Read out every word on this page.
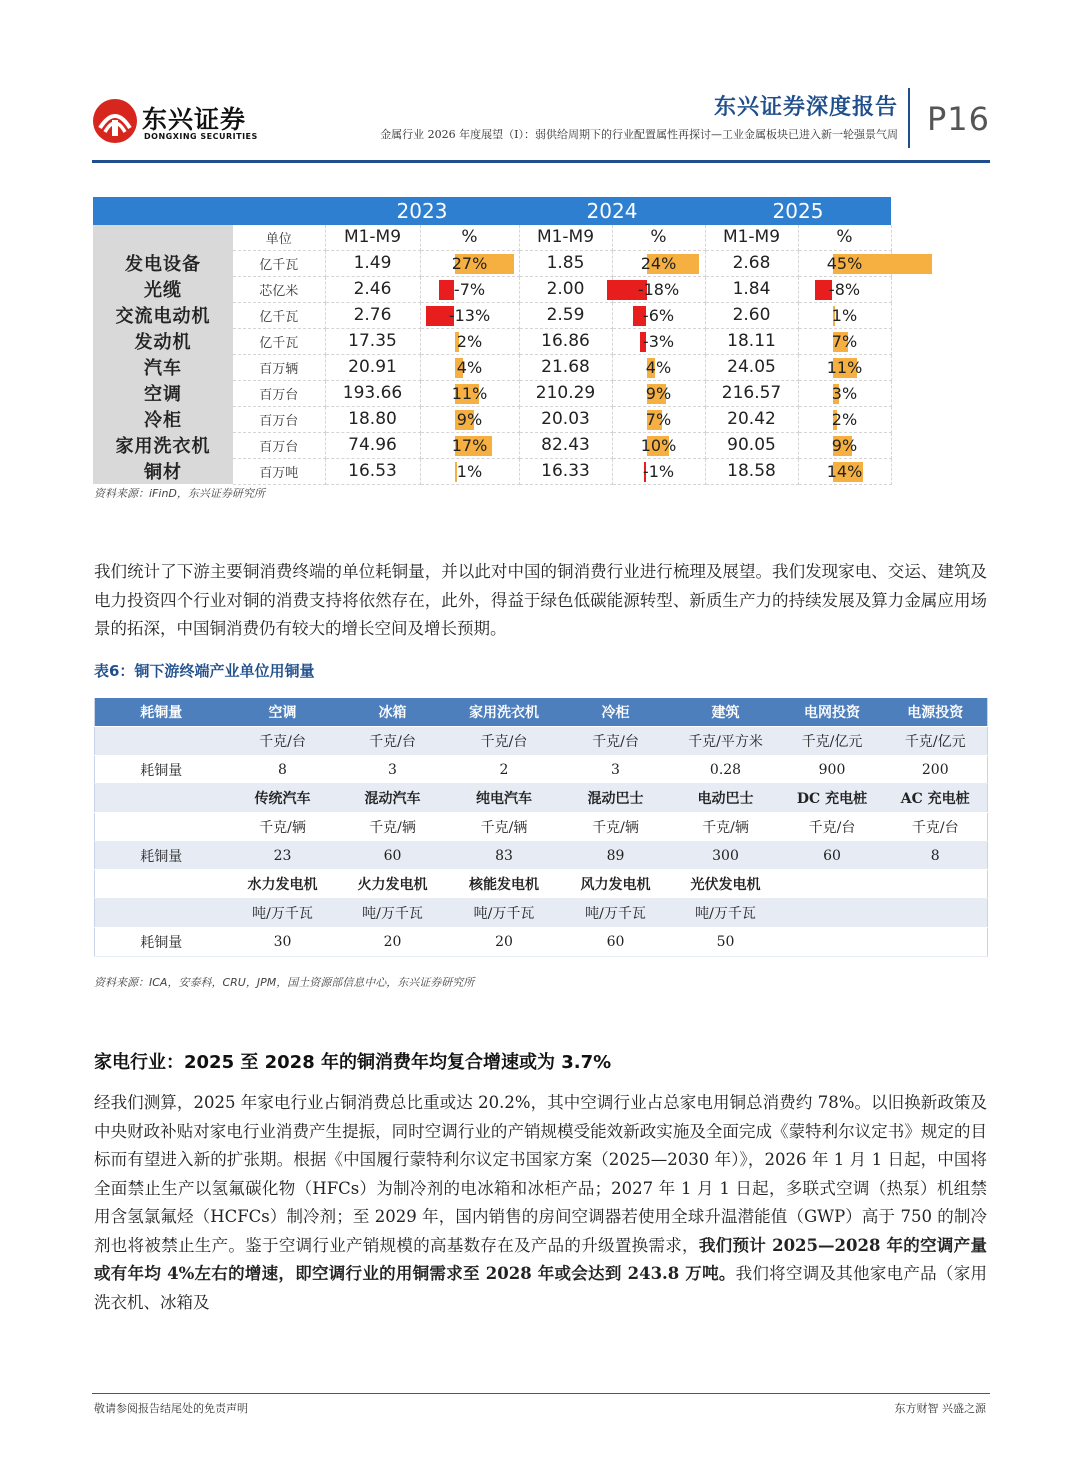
东兴证券
DONGXING SECURITIES
东兴证券深度报告
金属行业 2026 年度展望（I）：弱供给周期下的行业配置属性再探讨—工业金属板块已进入新一轮强景气周 P16
		2023		2024		2025	
	单位	M1-M9	%	M1-M9	%	M1-M9	%
发电设备	亿千瓦	1.49	27%	1.85	24%	2.68	45%
光缆	芯亿米	2.46	-7%	2.00	-18%	1.84	-8%
交流电动机	亿千瓦	2.76	-13%	2.59	-6%	2.60	1%
发动机	亿千瓦	17.35	2%	16.86	-3%	18.11	7%
汽车	百万辆	20.91	4%	21.68	4%	24.05	11%
空调	百万台	193.66	11%	210.29	9%	216.57	3%
冷柜	百万台	18.80	9%	20.03	7%	20.42	2%
家用洗衣机	百万台	74.96	17%	82.43	10%	90.05	9%
铜材	百万吨	16.53	1%	16.33	-1%	18.58	14%
资料来源：iFinD，东兴证券研究所
我们统计了下游主要铜消费终端的单位耗铜量，并以此对中国的铜消费行业进行梳理及展望。我们发现家电、交运、建筑及电力投资四个行业对铜的消费支持将依然存在，此外，得益于绿色低碳能源转型、新质生产力的持续发展及算力金属应用场景的拓深，中国铜消费仍有较大的增长空间及增长预期。
表6：铜下游终端产业单位用铜量
耗铜量	空调	冰箱	家用洗衣机	冷柜	建筑	电网投资	电源投资
	千克/台	千克/台	千克/台	千克/台	千克/平方米	千克/亿元	千克/亿元
耗铜量	8	3	2	3	0.28	900	200
	传统汽车	混动汽车	纯电汽车	混动巴士	电动巴士	DC 充电桩	AC 充电桩
	千克/辆	千克/辆	千克/辆	千克/辆	千克/辆	千克/台	千克/台
耗铜量	23	60	83	89	300	60	8
	水力发电机	火力发电机	核能发电机	风力发电机	光伏发电机		
	吨/万千瓦	吨/万千瓦	吨/万千瓦	吨/万千瓦	吨/万千瓦		
耗铜量	30	20	20	60	50		
资料来源：ICA，安泰科，CRU，JPM，国土资源部信息中心，东兴证券研究所
家电行业：2025 至 2028 年的铜消费年均复合增速或为 3.7%
经我们测算，2025 年家电行业占铜消费总比重或达 20.2%，其中空调行业占总家电用铜总消费约 78%。以旧换新政策及中央财政补贴对家电行业消费产生提振，同时空调行业的产销规模受能效新政实施及全面完成《蒙特利尔议定书》规定的目标而有望进入新的扩张期。根据《中国履行蒙特利尔议定书国家方案（2025—2030 年）》，2026 年 1 月 1 日起，中国将全面禁止生产以氢氟碳化物（HFCs）为制冷剂的电冰箱和冰柜产品；2027 年 1 月 1 日起，多联式空调（热泵）机组禁用含氢氯氟烃（HCFCs）制冷剂；至 2029 年，国内销售的房间空调器若使用全球升温潜能值（GWP）高于 750 的制冷剂也将被禁止生产。鉴于空调行业产销规模的高基数存在及产品的升级置换需求，我们预计 2025—2028 年的空调产量或有年均 4%左右的增速，即空调行业的用铜需求至 2028 年或会达到 243.8 万吨。我们将空调及其他家电产品（家用洗衣机、冰箱及
敬请参阅报告结尾处的免责声明	东方财智 兴盛之源
